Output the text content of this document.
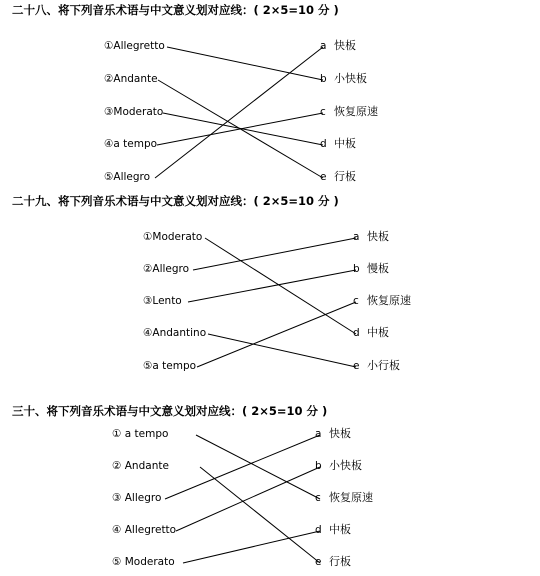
二十八、将下列音乐术语与中文意义划对应线：( 2×5=10 分 )
二十九、将下列音乐术语与中文意义划对应线：( 2×5=10 分 )
三十、将下列音乐术语与中文意义划对应线：( 2×5=10 分 )
①Allegretto
②Andante
③Moderato
④a tempo
⑤Allegro
a 快板
b 小快板
c 恢复原速
d 中板
e 行板
①Moderato
②Allegro
③Lento
④Andantino
⑤a tempo
a 快板
b 慢板
c 恢复原速
d 中板
e 小行板
① a tempo
② Andante
③ Allegro
④ Allegretto
⑤ Moderato
a 快板
b 小快板
c 恢复原速
d 中板
e 行板
